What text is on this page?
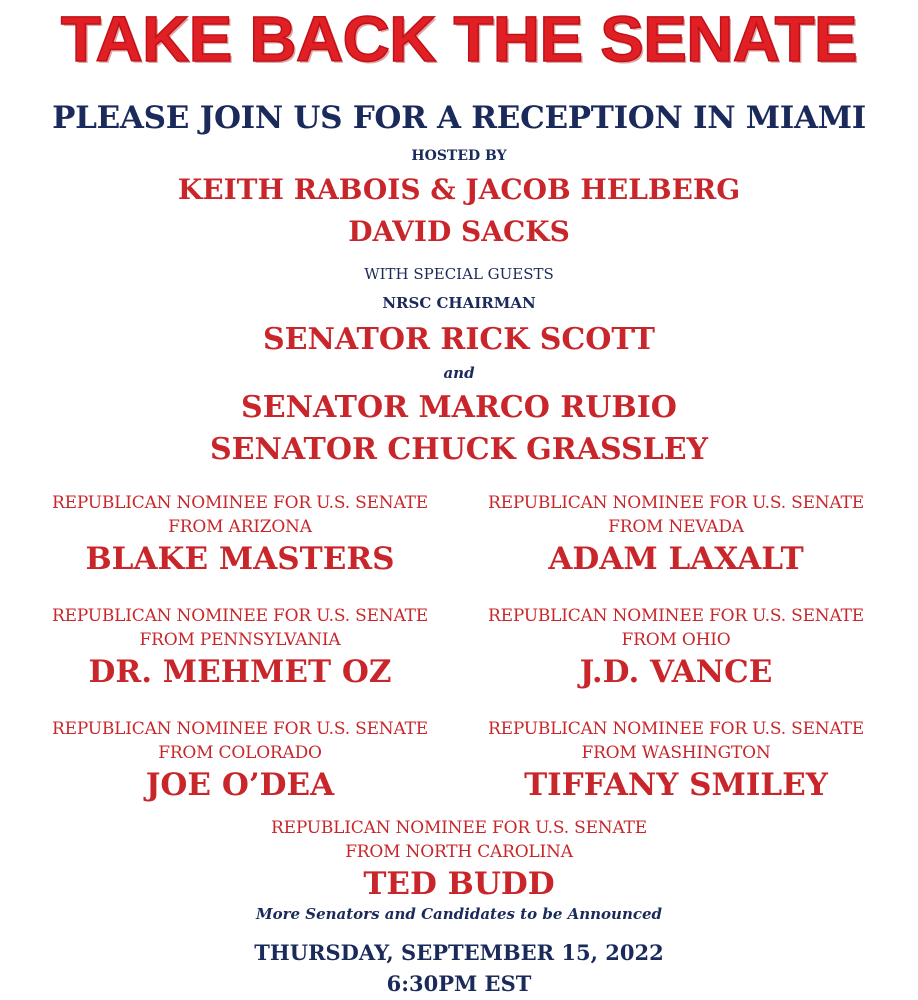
TAKE BACK THE SENATE
PLEASE JOIN US FOR A RECEPTION IN MIAMI
HOSTED BY
KEITH RABOIS & JACOB HELBERG
DAVID SACKS
WITH SPECIAL GUESTS
NRSC CHAIRMAN
SENATOR RICK SCOTT
and
SENATOR MARCO RUBIO
SENATOR CHUCK GRASSLEY
REPUBLICAN NOMINEE FOR U.S. SENATE
FROM ARIZONA
BLAKE MASTERS
REPUBLICAN NOMINEE FOR U.S. SENATE
FROM NEVADA
ADAM LAXALT
REPUBLICAN NOMINEE FOR U.S. SENATE
FROM PENNSYLVANIA
DR. MEHMET OZ
REPUBLICAN NOMINEE FOR U.S. SENATE
FROM OHIO
J.D. VANCE
REPUBLICAN NOMINEE FOR U.S. SENATE
FROM COLORADO
JOE O’DEA
REPUBLICAN NOMINEE FOR U.S. SENATE
FROM WASHINGTON
TIFFANY SMILEY
REPUBLICAN NOMINEE FOR U.S. SENATE
FROM NORTH CAROLINA
TED BUDD
More Senators and Candidates to be Announced
THURSDAY, SEPTEMBER 15, 2022
6:30PM EST
